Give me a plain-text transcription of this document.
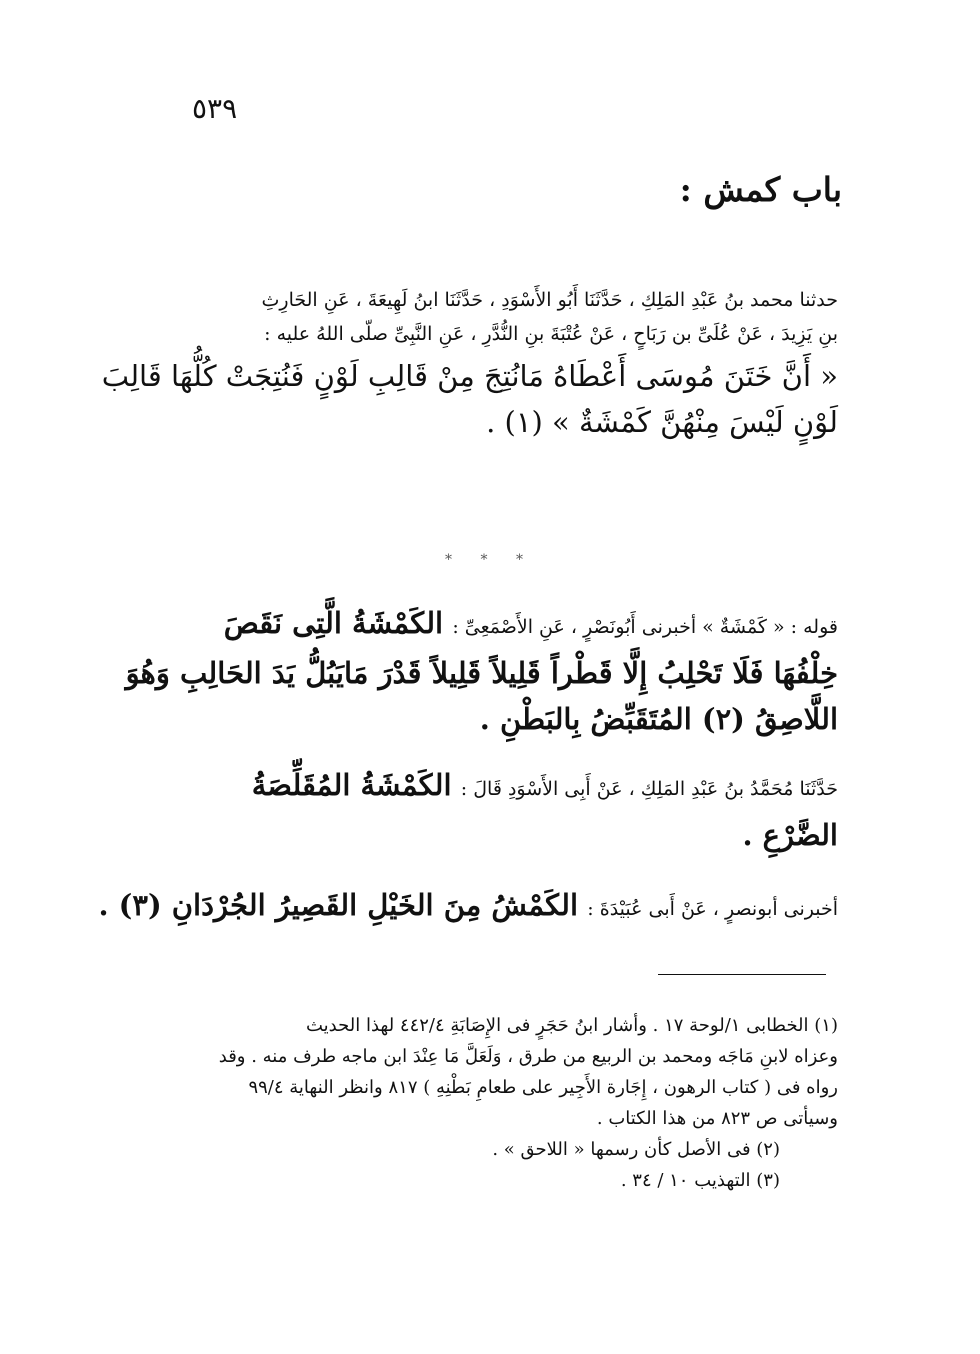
٥٣٩
باب كمش :
حدثنا محمد بنُ عَبْدِ المَلِكِ ، حَدَّثَنَا أَبُو الأَسْوَدِ ، حَدَّثَنَا ابنُ لَهِيعَةَ ، عَنِ الحَارِثِ
بنِ يَزِيدَ ، عَنْ عُلَىِّ بن رَبَاحٍ ، عَنْ عُتْبَةَ بنِ النُّدَّرِ ، عَنِ النَّبِىِّ صلّى اللهُ عليه :
« أَنَّ خَتَنَ مُوسَى أَعْطَاهُ مَانُتِجَ مِنْ قَالِبِ لَوْنٍ فَنُتِجَتْ كُلُّهَا قَالِبَ
لَوْنٍ لَيْسَ مِنْهُنَّ كَمْشَةٌ » (١) .
* * *
قوله : « كَمْشَةٌ » أخبرنى أَبُونَصْرٍ ، عَنِ الأَصْمَعِىِّ : الكَمْشَةُ الَّتِى نَقَصَ
خِلْفُهَا فَلَا تَحْلِبُ إِلَّا قَطْراً قَلِيلاً قَلِيلاً قَدْرَ مَايَبُلُّ يَدَ الحَالِبِ وَهُوَ
اللَّاصِقُ (٢) المُتَقَبِّضُ بِالبَطْنِ .
حَدَّثَنَا مُحَمَّدُ بنُ عَبْدِ المَلِكِ ، عَنْ أَبِى الأَسْوَدِ قَالَ : الكَمْشَةُ المُقَلِّصَةُ
الضَّرْعِ .
أخبرنى أبونصرٍ ، عَنْ أَبى عُبَيْدَةَ : الكَمْشُ مِنَ الخَيْلِ القَصِيرُ الجُرْدَانِ (٣) .
(١) الخطابى ١/لوحة ١٧ . وأشار ابنُ حَجَرٍ فى الإِصَابَةِ ٤٤٢/٤ لهذا الحديث
وعزاه لابنِ مَاجَه ومحمد بن الربيع من طرق ، وَلَعَلَّ مَا عِنْدَ ابن ماجه طرف منه . وقد
رواه فى ( كتاب الرهون ، إِجَارة الأَجِير على طعامِ بَطْنِهِ ) ٨١٧ وانظر النهاية ٩٩/٤
وسيأتى ص ٨٢٣ من هذا الكتاب .
(٢) فى الأصل كأن رسمها « اللاحق » .
(٣) التهذيب ١٠ / ٣٤ .
